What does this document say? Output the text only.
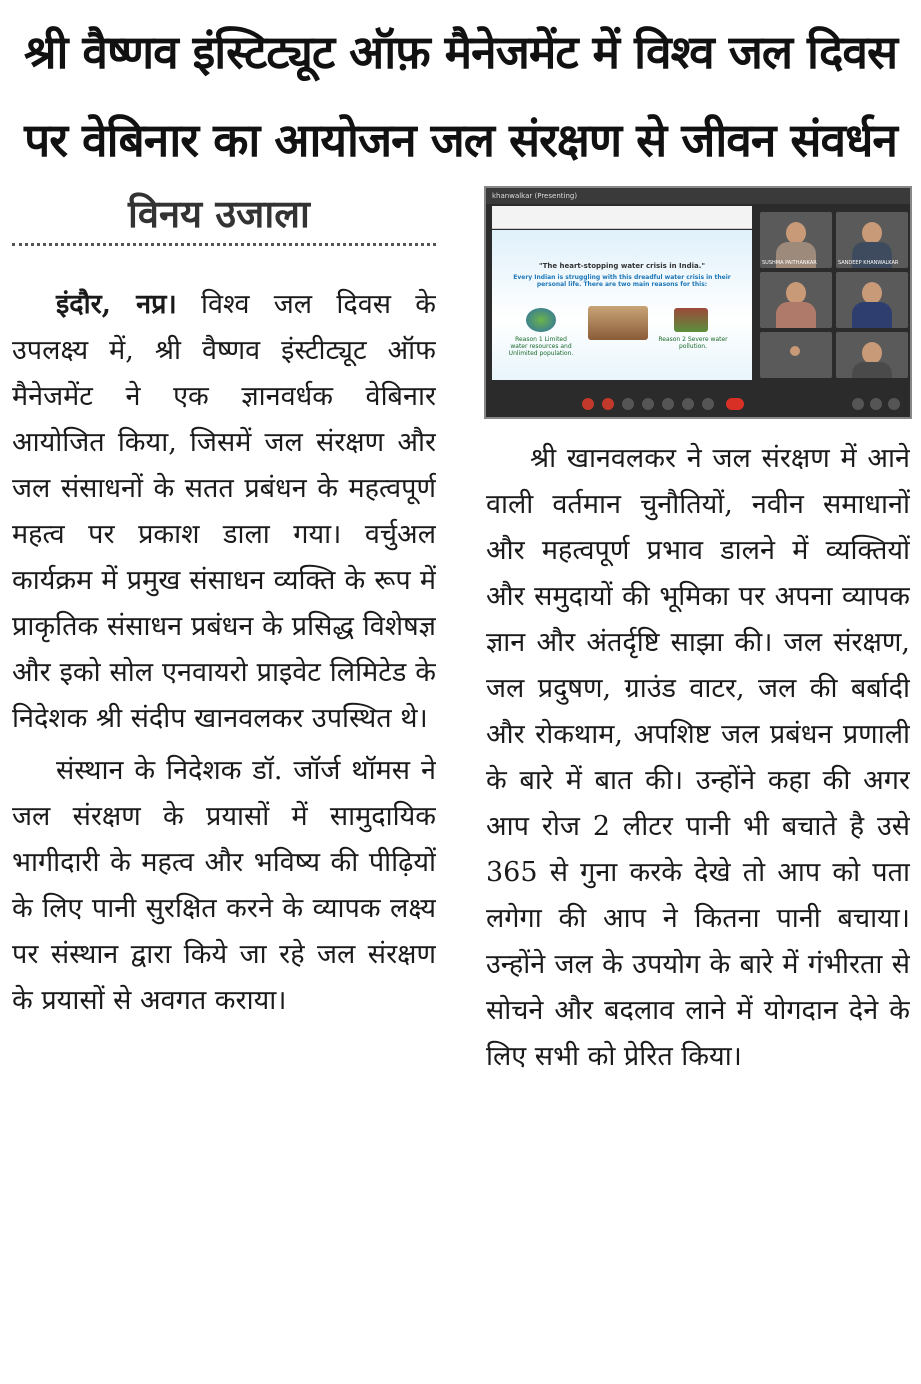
श्री वैष्णव इंस्टिट्यूट ऑफ़ मैनेजमेंट में विश्व जल दिवस
पर वेबिनार का आयोजन जल संरक्षण से जीवन संवर्धन
विनय उजाला

इंदौर, नप्र। विश्व जल दिवस के उपलक्ष्य में, श्री वैष्णव इंस्टीट्यूट ऑफ मैनेजमेंट ने एक ज्ञानवर्धक वेबिनार आयोजित किया, जिसमें जल संरक्षण और जल संसाधनों के सतत प्रबंधन के महत्वपूर्ण महत्व पर प्रकाश डाला गया। वर्चुअल कार्यक्रम में प्रमुख संसाधन व्यक्ति के रूप में प्राकृतिक संसाधन प्रबंधन के प्रसिद्ध विशेषज्ञ और इको सोल एनवायरो प्राइवेट लिमिटेड के निदेशक श्री संदीप खानवलकर उपस्थित थे।

संस्थान के निदेशक डॉ. जॉर्ज थॉमस ने जल संरक्षण के प्रयासों में सामुदायिक भागीदारी के महत्व और भविष्य की पीढ़ियों के लिए पानी सुरक्षित करने के व्यापक लक्ष्य पर संस्थान द्वारा किये जा रहे जल संरक्षण के प्रयासों से अवगत कराया।

श्री खानवलकर ने जल संरक्षण में आने वाली वर्तमान चुनौतियों, नवीन समाधानों और महत्वपूर्ण प्रभाव डालने में व्यक्तियों और समुदायों की भूमिका पर अपना व्यापक ज्ञान और अंतर्दृष्टि साझा की। जल संरक्षण, जल प्रदुषण, ग्राउंड वाटर, जल की बर्बादी और रोकथाम, अपशिष्ट जल प्रबंधन प्रणाली के बारे में बात की। उन्होंने कहा की अगर आप रोज 2 लीटर पानी भी बचाते है उसे 365 से गुना करके देखे तो आप को पता लगेगा की आप ने कितना पानी बचाया। उन्होंने जल के उपयोग के बारे में गंभीरता से सोचने और बदलाव लाने में योगदान देने के लिए सभी को प्रेरित किया।

khanwalkar (Presenting)
"The heart-stopping water crisis in India."
Every Indian is struggling with this dreadful water crisis in their personal life. There are two main reasons for this:
Reason 1 Limited water resources and Unlimited population.
Reason 2 Severe water pollution.
SUSHMA PAITHANKAR	SANDEEP KHANWALKAR
